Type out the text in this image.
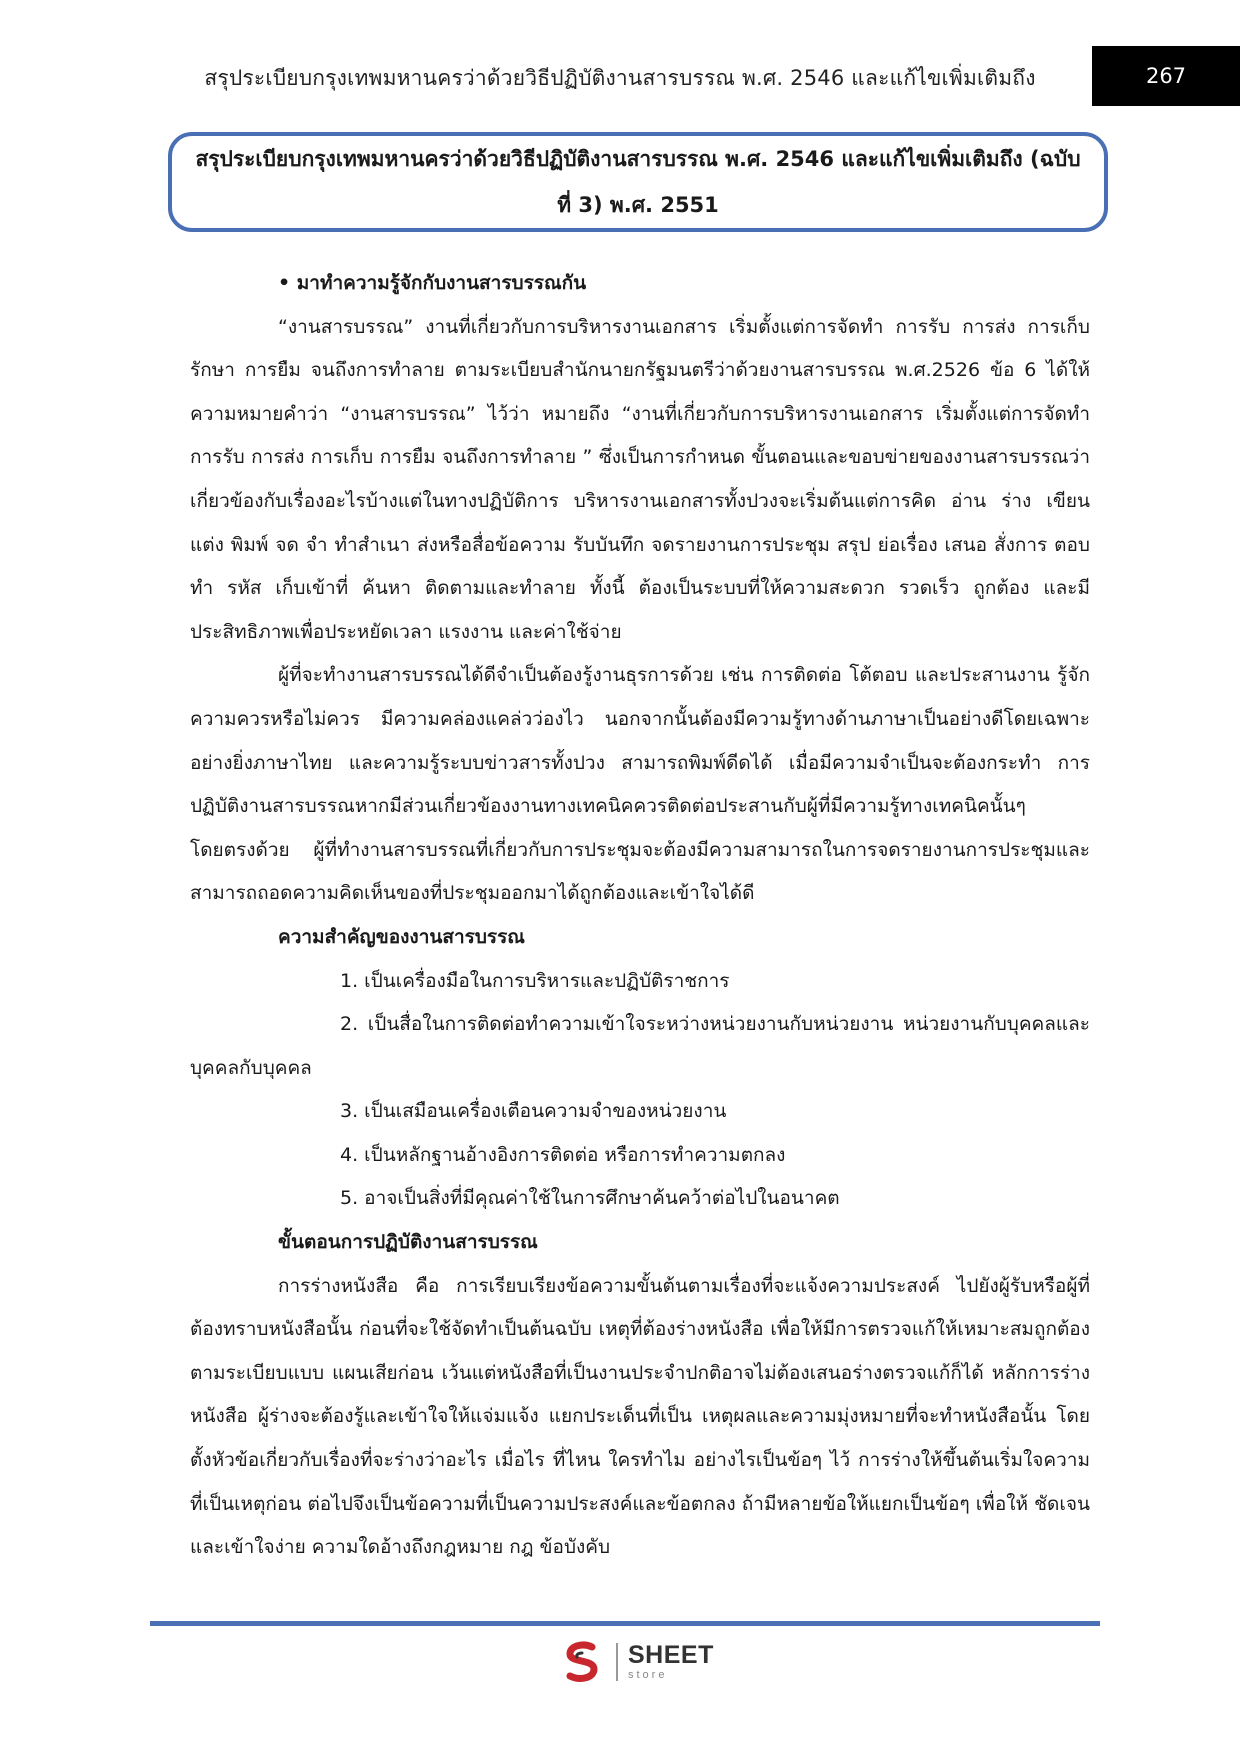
สรุประเบียบกรุงเทพมหานครว่าด้วยวิธีปฏิบัติงานสารบรรณ พ.ศ. 2546 และแก้ไขเพิ่มเติมถึง	267
สรุประเบียบกรุงเทพมหานครว่าด้วยวิธีปฏิบัติงานสารบรรณ พ.ศ. 2546 และแก้ไขเพิ่มเติมถึง (ฉบับที่ 3) พ.ศ. 2551

• มาทำความรู้จักกับงานสารบรรณกัน

“งานสารบรรณ” งานที่เกี่ยวกับการบริหารงานเอกสาร เริ่มตั้งแต่การจัดทำ การรับ การส่ง การเก็บรักษา การยืม จนถึงการทำลาย ตามระเบียบสำนักนายกรัฐมนตรีว่าด้วยงานสารบรรณ พ.ศ.2526 ข้อ 6 ได้ให้ ความหมายคำว่า “งานสารบรรณ” ไว้ว่า หมายถึง “งานที่เกี่ยวกับการบริหารงานเอกสาร เริ่มตั้งแต่การจัดทำ การรับ การส่ง การเก็บ การยืม จนถึงการทำลาย ” ซึ่งเป็นการกำหนด ขั้นตอนและขอบข่ายของงานสารบรรณว่าเกี่ยวข้องกับเรื่องอะไรบ้างแต่ในทางปฏิบัติการ บริหารงานเอกสารทั้งปวงจะเริ่มต้นแต่การคิด อ่าน ร่าง เขียน แต่ง พิมพ์ จด จำ ทำสำเนา ส่งหรือสื่อข้อความ รับบันทึก จดรายงานการประชุม สรุป ย่อเรื่อง เสนอ สั่งการ ตอบ ทำ รหัส เก็บเข้าที่ ค้นหา ติดตามและทำลาย ทั้งนี้ ต้องเป็นระบบที่ให้ความสะดวก รวดเร็ว ถูกต้อง และมีประสิทธิภาพเพื่อประหยัดเวลา แรงงาน และค่าใช้จ่าย

ผู้ที่จะทำงานสารบรรณได้ดีจำเป็นต้องรู้งานธุรการด้วย เช่น การติดต่อ โต้ตอบ และประสานงาน รู้จักความควรหรือไม่ควร มีความคล่องแคล่วว่องไว นอกจากนั้นต้องมีความรู้ทางด้านภาษาเป็นอย่างดีโดยเฉพาะอย่างยิ่งภาษาไทย และความรู้ระบบข่าวสารทั้งปวง สามารถพิมพ์ดีดได้ เมื่อมีความจำเป็นจะต้องกระทำ การปฏิบัติงานสารบรรณหากมีส่วนเกี่ยวข้องงานทางเทคนิคควรติดต่อประสานกับผู้ที่มีความรู้ทางเทคนิคนั้นๆ โดยตรงด้วย ผู้ที่ทำงานสารบรรณที่เกี่ยวกับการประชุมจะต้องมีความสามารถในการจดรายงานการประชุมและสามารถถอดความคิดเห็นของที่ประชุมออกมาได้ถูกต้องและเข้าใจได้ดี

ความสำคัญของงานสารบรรณ

1. เป็นเครื่องมือในการบริหารและปฏิบัติราชการ

2. เป็นสื่อในการติดต่อทำความเข้าใจระหว่างหน่วยงานกับหน่วยงาน หน่วยงานกับบุคคลและบุคคลกับบุคคล

3. เป็นเสมือนเครื่องเตือนความจำของหน่วยงาน

4. เป็นหลักฐานอ้างอิงการติดต่อ หรือการทำความตกลง

5. อาจเป็นสิ่งที่มีคุณค่าใช้ในการศึกษาค้นคว้าต่อไปในอนาคต

ขั้นตอนการปฏิบัติงานสารบรรณ

การร่างหนังสือ คือ การเรียบเรียงข้อความขั้นต้นตามเรื่องที่จะแจ้งความประสงค์ ไปยังผู้รับหรือผู้ที่ต้องทราบหนังสือนั้น ก่อนที่จะใช้จัดทำเป็นต้นฉบับ เหตุที่ต้องร่างหนังสือ เพื่อให้มีการตรวจแก้ให้เหมาะสมถูกต้องตามระเบียบแบบ แผนเสียก่อน เว้นแต่หนังสือที่เป็นงานประจำปกติอาจไม่ต้องเสนอร่างตรวจแก้ก็ได้ หลักการร่างหนังสือ ผู้ร่างจะต้องรู้และเข้าใจให้แจ่มแจ้ง แยกประเด็นที่เป็น เหตุผลและความมุ่งหมายที่จะทำหนังสือนั้น โดยตั้งหัวข้อเกี่ยวกับเรื่องที่จะร่างว่าอะไร เมื่อไร ที่ไหน ใครทำไม อย่างไรเป็นข้อๆ ไว้ การร่างให้ขึ้นต้นเริ่มใจความที่เป็นเหตุก่อน ต่อไปจึงเป็นข้อความที่เป็นความประสงค์และข้อตกลง ถ้ามีหลายข้อให้แยกเป็นข้อๆ เพื่อให้ ชัดเจนและเข้าใจง่าย ความใดอ้างถึงกฎหมาย กฎ ข้อบังคับ

SHEET
store
